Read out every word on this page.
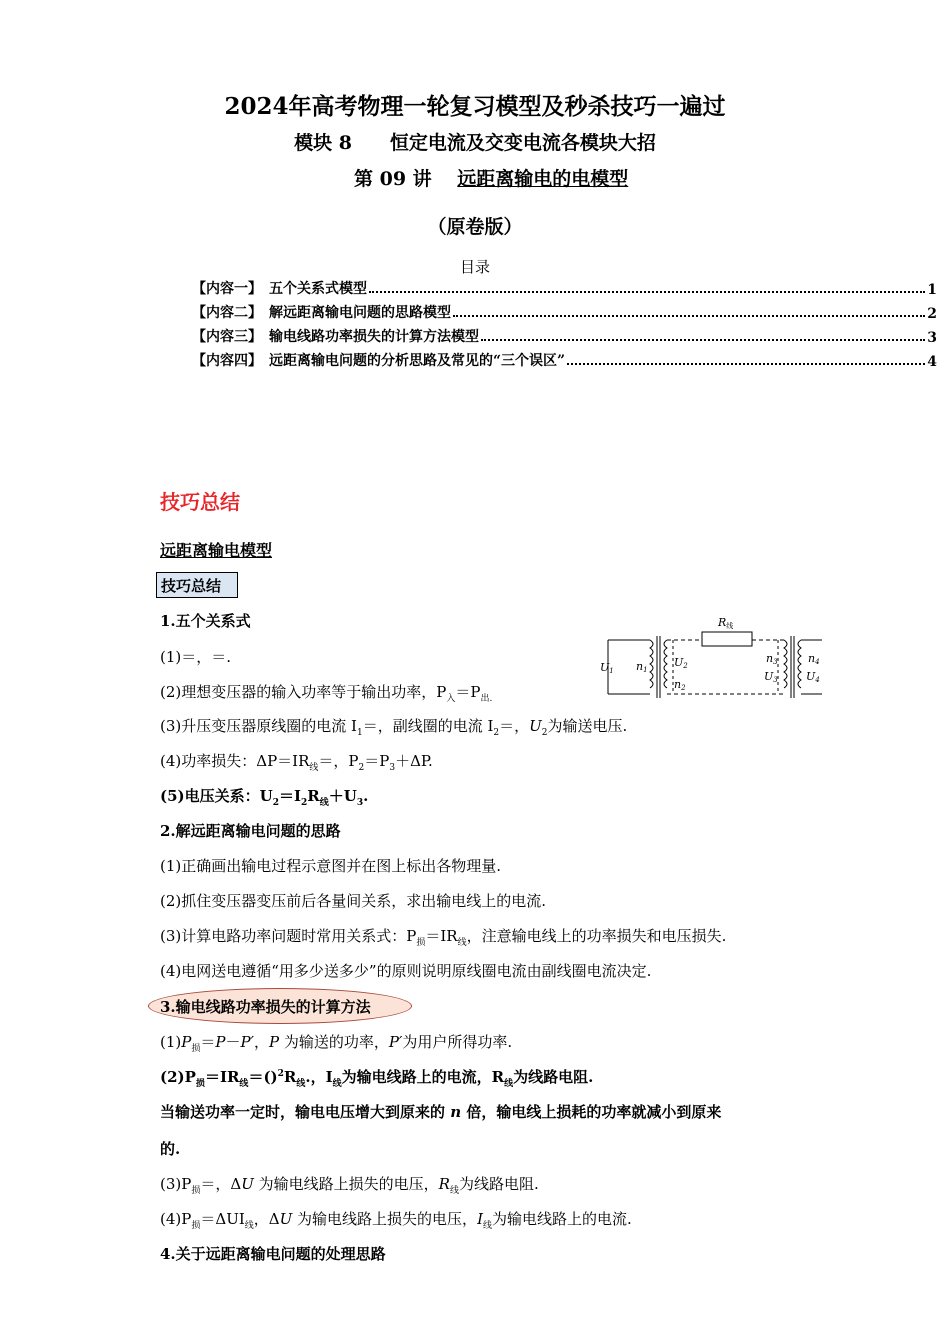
2024年高考物理一轮复习模型及秒杀技巧一遍过
模块 8　　恒定电流及交变电流各模块大招
第 09 讲　 远距离输电的电模型
（原卷版）
目录
【内容一】　五个关系式模型	1
【内容二】　解远距离输电问题的思路模型	2
【内容三】　输电线路功率损失的计算方法模型	3
【内容四】　远距离输电问题的分析思路及常见的“三个误区”	4
技巧总结
远距离输电模型
技巧总结
1.五个关系式
(1)＝，＝.
(2)理想变压器的输入功率等于输出功率，$P_入=P_{出.}$
(3)升压变压器原线圈的电流 $I_1=$，副线圈的电流 $I_2=$，$U_2$为输送电压.
(4)功率损失：$\Delta P=IR_线=$，$P_2=P_3+\Delta P$.
(5)电压关系：$U_2=I_2R_线+U_3$.
2.解远距离输电问题的思路
(1)正确画出输电过程示意图并在图上标出各物理量.
(2)抓住变压器变压前后各量间关系，求出输电线上的电流.
(3)计算电路功率问题时常用关系式：$P_损=IR_线$，注意输电线上的功率损失和电压损失.
(4)电网送电遵循“用多少送多少”的原则说明原线圈电流由副线圈电流决定.
3.输电线路功率损失的计算方法
$(1)P_损=P-P'$，P 为输送的功率，P′为用户所得功率.
$(2)P_损=IR_线=()^2R_线$.，$I_线$为输电线路上的电流，$R_线$为线路电阻.
当输送功率一定时，输电电压增大到原来的 n 倍，输电线上损耗的功率就减小到原来
的.
$(3)P_损=$，ΔU 为输电线路上损失的电压，$R_线$为线路电阻.
$(4)P_损=\Delta UI_线$，ΔU 为输电线路上损失的电压，$I_线$为输电线路上的电流.
4.关于远距离输电问题的处理思路
R线
U1 n1
U2
n2
n3
U3
n4
U4
